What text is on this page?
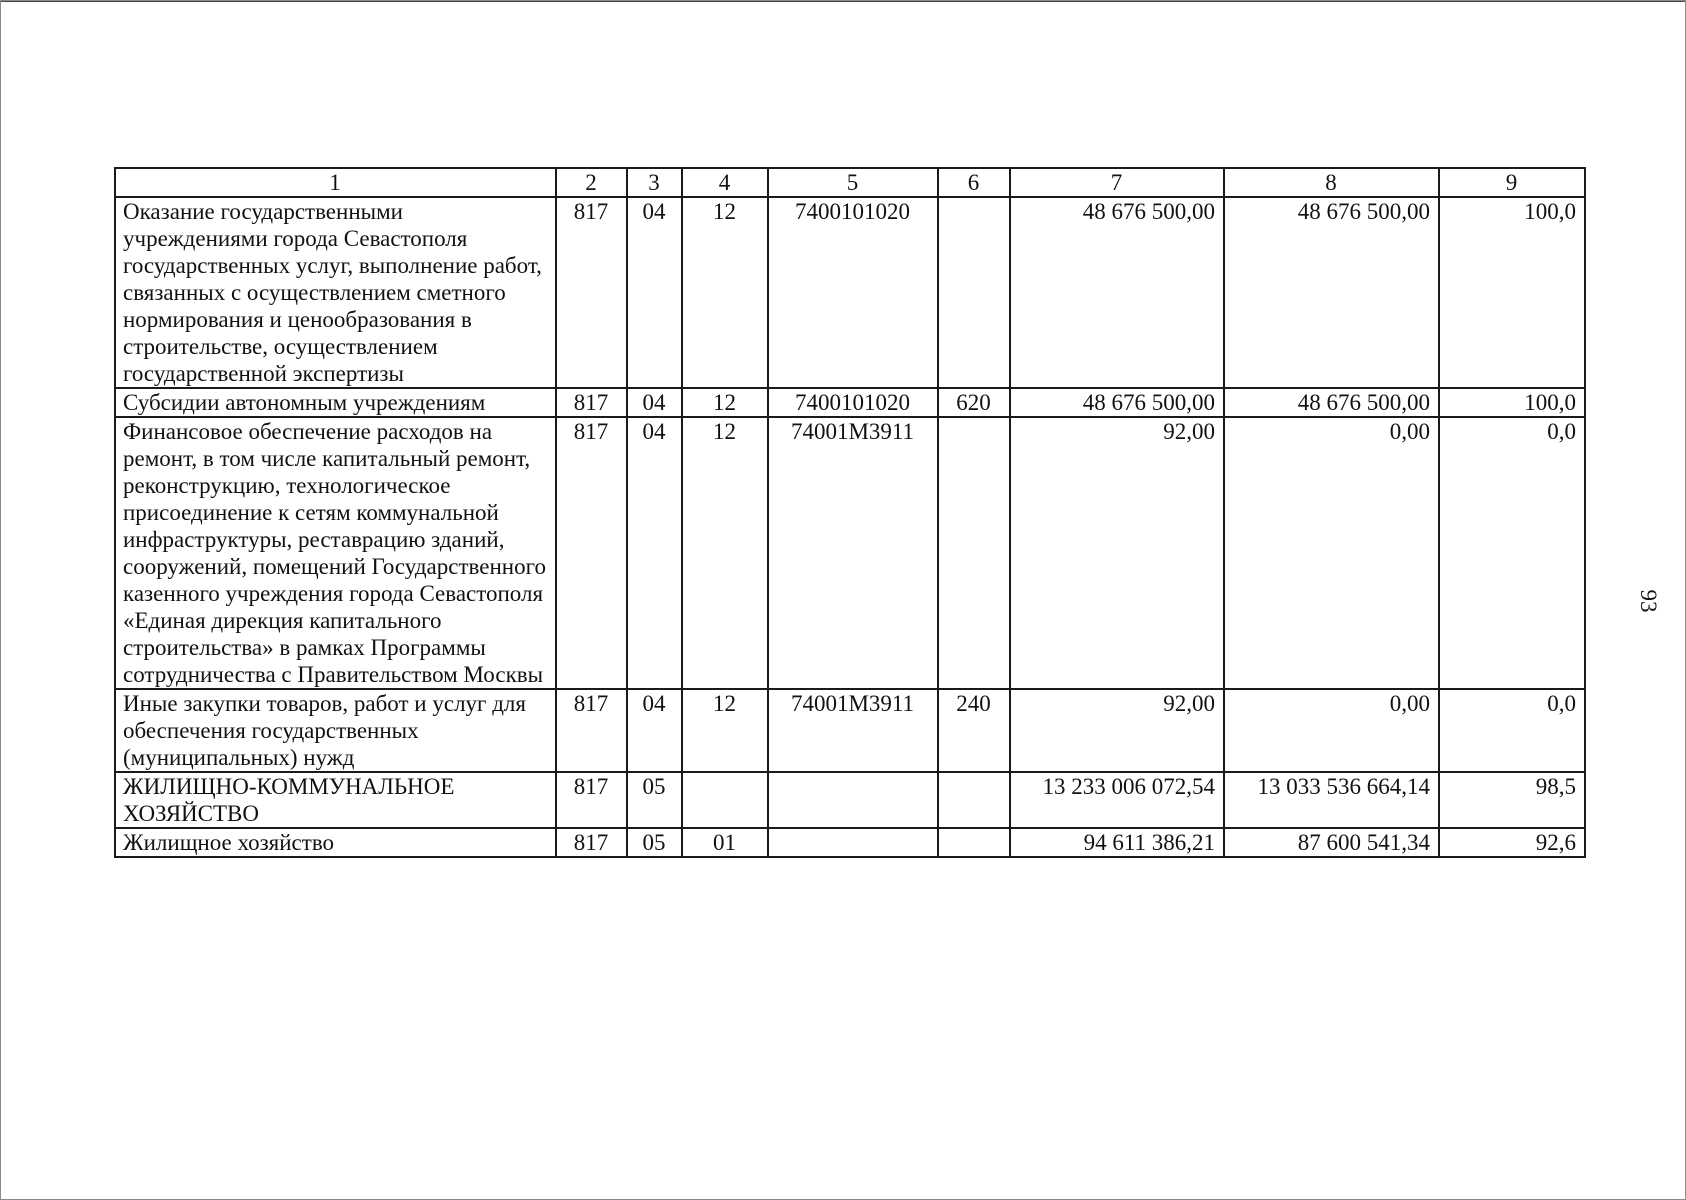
1	2	3	4	5	6	7	8	9
Оказание государственными учреждениями города Севастополя государственных услуг, выполнение работ, связанных с осуществлением сметного нормирования и ценообразования в строительстве, осуществлением государственной экспертизы	817	04	12	7400101020		48 676 500,00	48 676 500,00	100,0
Субсидии автономным учреждениям	817	04	12	7400101020	620	48 676 500,00	48 676 500,00	100,0
Финансовое обеспечение расходов на ремонт, в том числе капитальный ремонт, реконструкцию, технологическое присоединение к сетям коммунальной инфраструктуры, реставрацию зданий, сооружений, помещений Государственного казенного учреждения города Севастополя «Единая дирекция капитального строительства» в рамках Программы сотрудничества с Правительством Москвы	817	04	12	74001М3911		92,00	0,00	0,0
Иные закупки товаров, работ и услуг для обеспечения государственных (муниципальных) нужд	817	04	12	74001М3911	240	92,00	0,00	0,0
ЖИЛИЩНО-КОММУНАЛЬНОЕ ХОЗЯЙСТВО	817	05				13 233 006 072,54	13 033 536 664,14	98,5
Жилищное хозяйство	817	05	01			94 611 386,21	87 600 541,34	92,6
93
